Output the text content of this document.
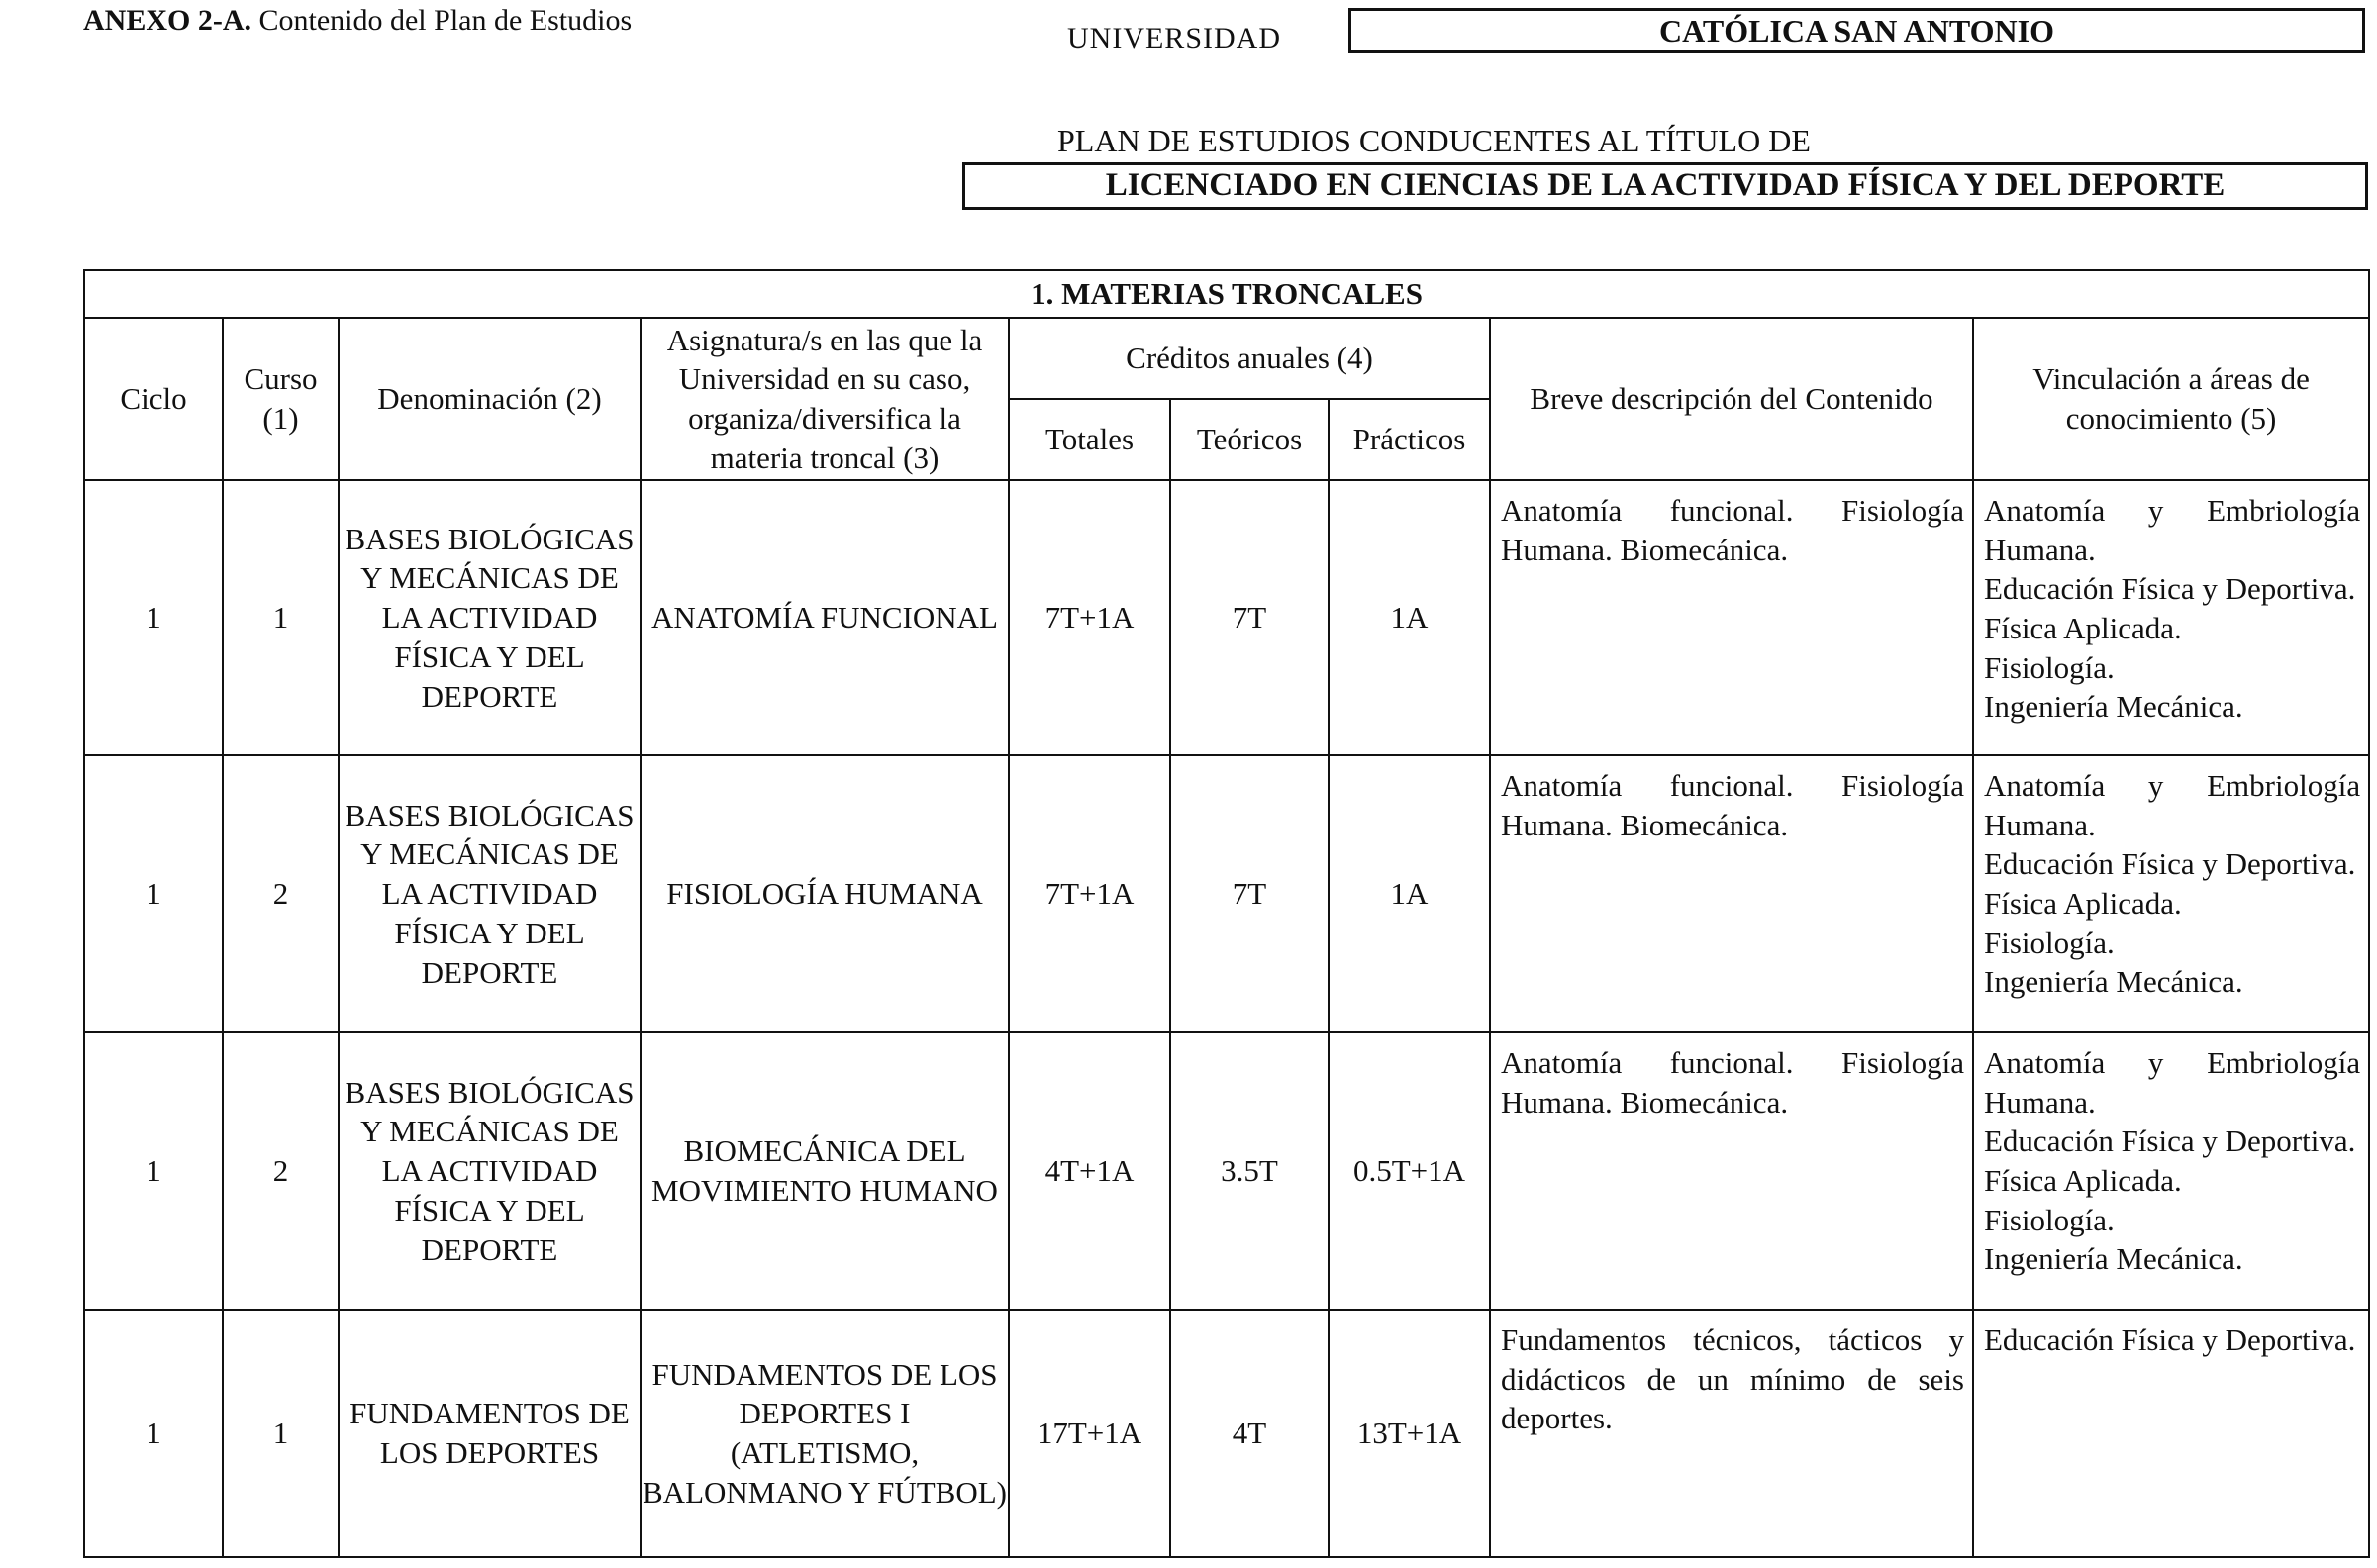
ANEXO 2-A. Contenido del Plan de Estudios
UNIVERSIDAD	CATÓLICA SAN ANTONIO
PLAN DE ESTUDIOS CONDUCENTES AL TÍTULO DE
LICENCIADO EN CIENCIAS DE LA ACTIVIDAD FÍSICA Y DEL DEPORTE
1. MATERIAS TRONCALES								
Ciclo	Curso (1)	Denominación (2)	Asignatura/s en las que la Universidad en su caso, organiza/diversifica la materia troncal (3)	Créditos anuales (4)			Breve descripción del Contenido	Vinculación a áreas de conocimiento (5)
				Totales	Teóricos	Prácticos		
1	1	BASES BIOLÓGICAS Y MECÁNICAS DE LA ACTIVIDAD FÍSICA Y DEL DEPORTE	ANATOMÍA FUNCIONAL	7T+1A	7T	1A	Anatomía funcional. Fisiología Humana. Biomecánica.	Anatomía y Embriología Humana.
Educación Física y Deportiva.
Física Aplicada.
Fisiología.
Ingeniería Mecánica.

1	2	BASES BIOLÓGICAS Y MECÁNICAS DE LA ACTIVIDAD FÍSICA Y DEL DEPORTE	FISIOLOGÍA HUMANA	7T+1A	7T	1A	Anatomía funcional. Fisiología Humana. Biomecánica.	Anatomía y Embriología Humana.
Educación Física y Deportiva.
Física Aplicada.
Fisiología.
Ingeniería Mecánica.

1	2	BASES BIOLÓGICAS Y MECÁNICAS DE LA ACTIVIDAD FÍSICA Y DEL DEPORTE	BIOMECÁNICA DEL MOVIMIENTO HUMANO	4T+1A	3.5T	0.5T+1A	Anatomía funcional. Fisiología Humana. Biomecánica.	Anatomía y Embriología Humana.
Educación Física y Deportiva.
Física Aplicada.
Fisiología.
Ingeniería Mecánica.

1	1	FUNDAMENTOS DE LOS DEPORTES	FUNDAMENTOS DE LOS DEPORTES I (ATLETISMO, BALONMANO Y FÚTBOL)	17T+1A	4T	13T+1A	Fundamentos técnicos, tácticos y didácticos de un mínimo de seis deportes.	Educación Física y Deportiva.
